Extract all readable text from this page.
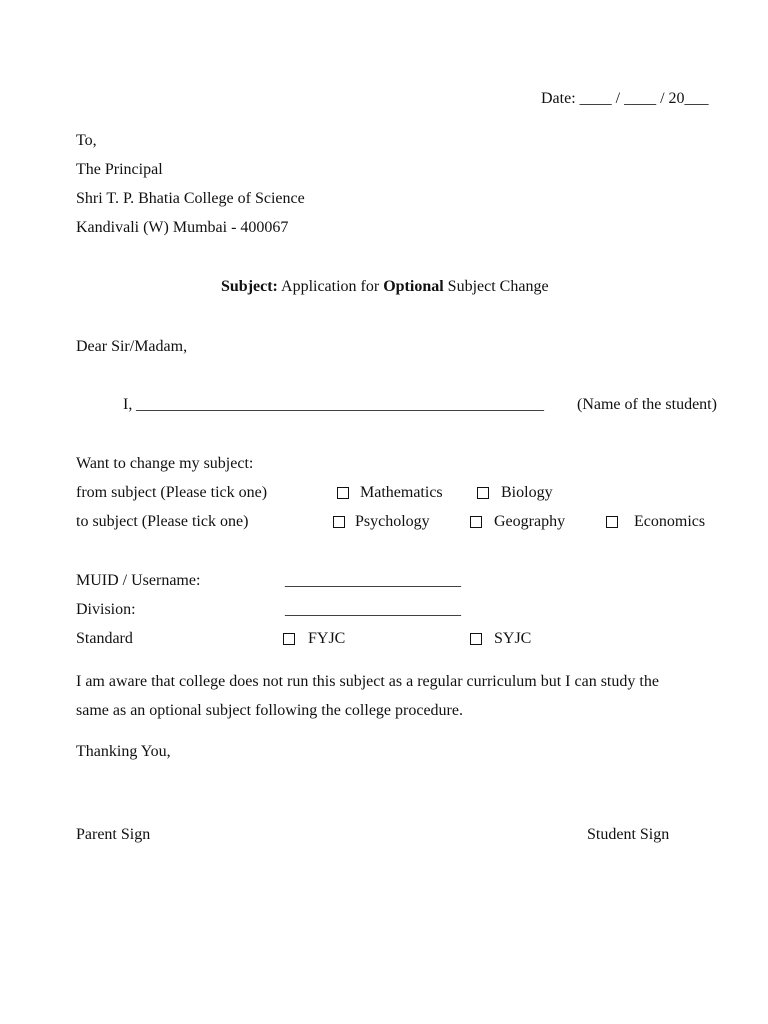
Date: ____ / ____ / 20___
To,
The Principal
Shri T. P. Bhatia College of Science
Kandivali (W) Mumbai - 400067
Subject: Application for Optional Subject Change
Dear Sir/Madam,
I, ___________________________________________________ (Name of the student)
Want to change my subject:
from subject (Please tick one)	Mathematics	Biology
to subject (Please tick one)	Psychology	Geography	Economics
MUID / Username:	______________________
Division:	______________________
Standard	FYJC	SYJC
I am aware that college does not run this subject as a regular curriculum but I can study the
same as an optional subject following the college procedure.
Thanking You,
Parent Sign	Student Sign
